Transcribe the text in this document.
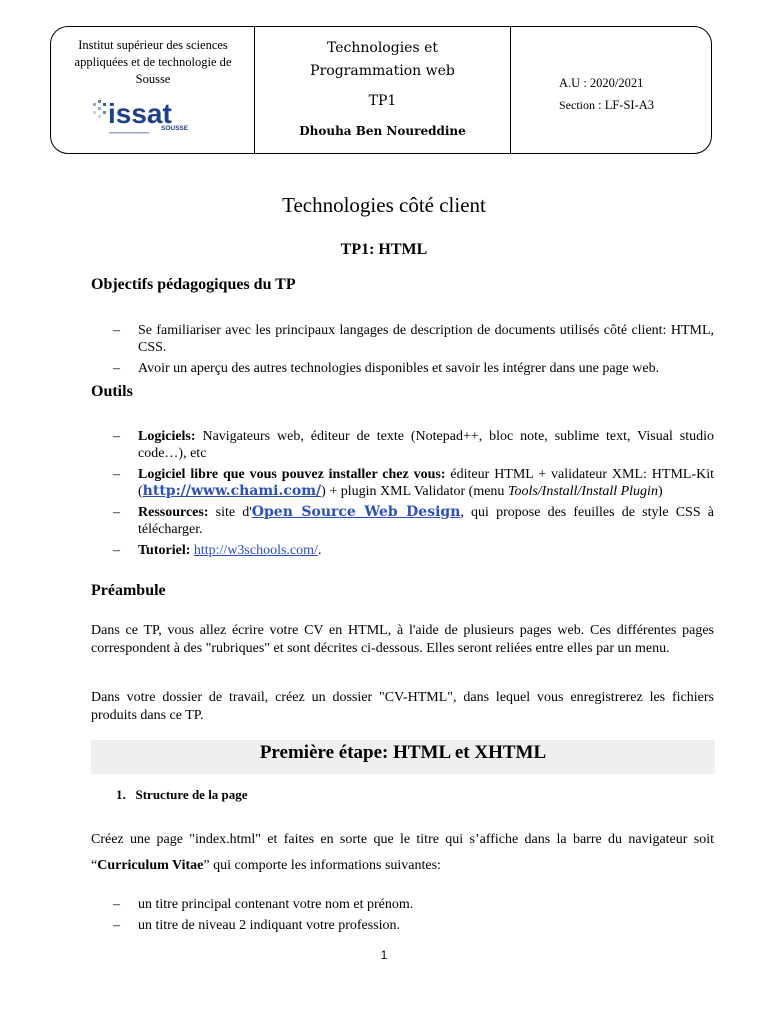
Institut supérieur des sciences appliquées et de technologie de Sousse
issat
SOUSSE
Technologies et
Programmation web
TP1
Dhouha Ben Noureddine
A.U : 2020/2021
Section : LF-SI-A3
Technologies côté client
TP1: HTML
Objectifs pédagogiques du TP
– Se familiariser avec les principaux langages de description de documents utilisés côté client: HTML, CSS.
– Avoir un aperçu des autres technologies disponibles et savoir les intégrer dans une page web.
Outils
– Logiciels: Navigateurs web, éditeur de texte (Notepad++, bloc note, sublime text, Visual studio code…), etc
– Logiciel libre que vous pouvez installer chez vous: éditeur HTML + validateur XML: HTML-Kit (http://www.chami.com/) + plugin XML Validator (menu Tools/Install/Install Plugin)
– Ressources: site d'Open Source Web Design, qui propose des feuilles de style CSS à télécharger.
– Tutoriel: http://w3schools.com/.
Préambule
Dans ce TP, vous allez écrire votre CV en HTML, à l'aide de plusieurs pages web. Ces différentes pages correspondent à des "rubriques" et sont décrites ci-dessous. Elles seront reliées entre elles par un menu.
Dans votre dossier de travail, créez un dossier "CV-HTML", dans lequel vous enregistrerez les fichiers produits dans ce TP.
Première étape: HTML et XHTML
1. Structure de la page
Créez une page "index.html" et faites en sorte que le titre qui s’affiche dans la barre du navigateur soit “Curriculum Vitae” qui comporte les informations suivantes:
– un titre principal contenant votre nom et prénom.
– un titre de niveau 2 indiquant votre profession.
1
